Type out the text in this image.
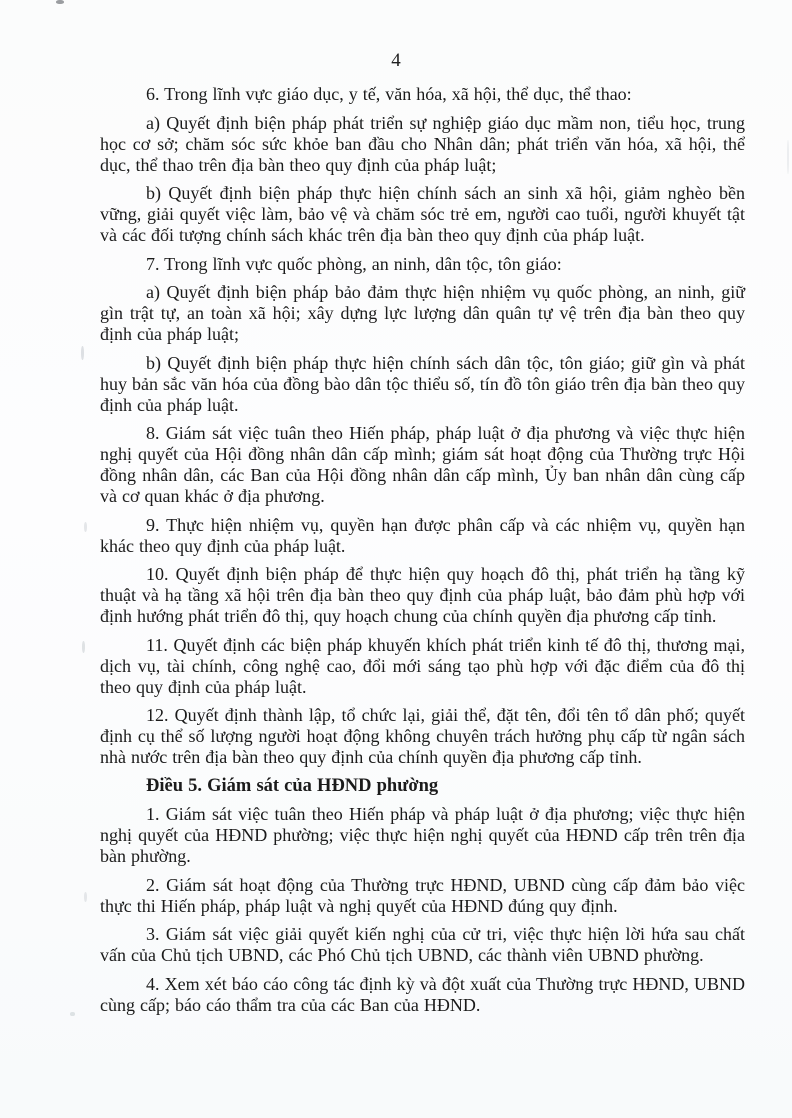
4

6. Trong lĩnh vực giáo dục, y tế, văn hóa, xã hội, thể dục, thể thao:

a) Quyết định biện pháp phát triển sự nghiệp giáo dục mầm non, tiểu học, trung học cơ sở; chăm sóc sức khỏe ban đầu cho Nhân dân; phát triển văn hóa, xã hội, thể dục, thể thao trên địa bàn theo quy định của pháp luật;

b) Quyết định biện pháp thực hiện chính sách an sinh xã hội, giảm nghèo bền vững, giải quyết việc làm, bảo vệ và chăm sóc trẻ em, người cao tuổi, người khuyết tật và các đối tượng chính sách khác trên địa bàn theo quy định của pháp luật.

7. Trong lĩnh vực quốc phòng, an ninh, dân tộc, tôn giáo:

a) Quyết định biện pháp bảo đảm thực hiện nhiệm vụ quốc phòng, an ninh, giữ gìn trật tự, an toàn xã hội; xây dựng lực lượng dân quân tự vệ trên địa bàn theo quy định của pháp luật;

b) Quyết định biện pháp thực hiện chính sách dân tộc, tôn giáo; giữ gìn và phát huy bản sắc văn hóa của đồng bào dân tộc thiểu số, tín đồ tôn giáo trên địa bàn theo quy định của pháp luật.

8. Giám sát việc tuân theo Hiến pháp, pháp luật ở địa phương và việc thực hiện nghị quyết của Hội đồng nhân dân cấp mình; giám sát hoạt động của Thường trực Hội đồng nhân dân, các Ban của Hội đồng nhân dân cấp mình, Ủy ban nhân dân cùng cấp và cơ quan khác ở địa phương.

9. Thực hiện nhiệm vụ, quyền hạn được phân cấp và các nhiệm vụ, quyền hạn khác theo quy định của pháp luật.

10. Quyết định biện pháp để thực hiện quy hoạch đô thị, phát triển hạ tầng kỹ thuật và hạ tầng xã hội trên địa bàn theo quy định của pháp luật, bảo đảm phù hợp với định hướng phát triển đô thị, quy hoạch chung của chính quyền địa phương cấp tỉnh.

11. Quyết định các biện pháp khuyến khích phát triển kinh tế đô thị, thương mại, dịch vụ, tài chính, công nghệ cao, đổi mới sáng tạo phù hợp với đặc điểm của đô thị theo quy định của pháp luật.

12. Quyết định thành lập, tổ chức lại, giải thể, đặt tên, đổi tên tổ dân phố; quyết định cụ thể số lượng người hoạt động không chuyên trách hưởng phụ cấp từ ngân sách nhà nước trên địa bàn theo quy định của chính quyền địa phương cấp tỉnh.

Điều 5. Giám sát của HĐND phường

1. Giám sát việc tuân theo Hiến pháp và pháp luật ở địa phương; việc thực hiện nghị quyết của HĐND phường; việc thực hiện nghị quyết của HĐND cấp trên trên địa bàn phường.

2. Giám sát hoạt động của Thường trực HĐND, UBND cùng cấp đảm bảo việc thực thi Hiến pháp, pháp luật và nghị quyết của HĐND đúng quy định.

3. Giám sát việc giải quyết kiến nghị của cử tri, việc thực hiện lời hứa sau chất vấn của Chủ tịch UBND, các Phó Chủ tịch UBND, các thành viên UBND phường.

4. Xem xét báo cáo công tác định kỳ và đột xuất của Thường trực HĐND, UBND cùng cấp; báo cáo thẩm tra của các Ban của HĐND.
